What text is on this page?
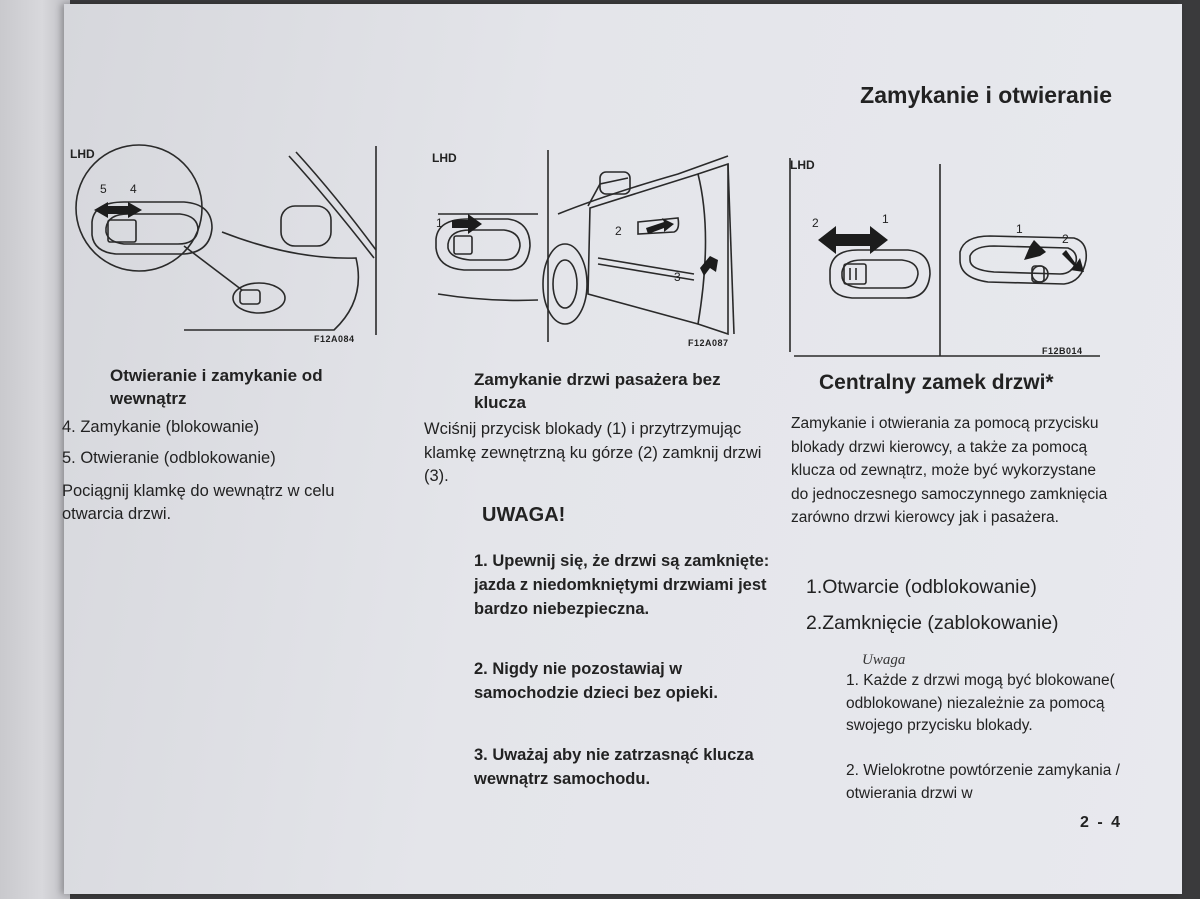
Zamykanie i otwieranie
LHD
5 4
F12A084
LHD
1
2
3
F12A087
LHD
2	1
1
2
F12B014
Otwieranie i zamykanie od wewnątrz

4. Zamykanie (blokowanie)

5. Otwieranie (odblokowanie)

Pociągnij klamkę do wewnątrz w celu otwarcia drzwi.
Zamykanie drzwi pasażera bez klucza
Wciśnij przycisk blokady (1) i przytrzymując klamkę zewnętrzną ku górze (2) zamknij drzwi (3).
UWAGA!
1. Upewnij się, że drzwi są zamknięte: jazda z niedomkniętymi drzwiami jest bardzo niebezpieczna.
2. Nigdy nie pozostawiaj w samochodzie dzieci bez opieki.
3. Uważaj aby nie zatrzasnąć klucza wewnątrz samochodu.
Centralny zamek drzwi*
Zamykanie i otwierania za pomocą przycisku blokady drzwi kierowcy, a także za pomocą klucza od zewnątrz, może być wykorzystane do jednoczesnego samoczynnego zamknięcia zarówno drzwi kierowcy jak i pasażera.
1.Otwarcie (odblokowanie)
2.Zamknięcie (zablokowanie)
Uwaga
1. Każde z drzwi mogą być blokowane( odblokowane) niezależnie za pomocą swojego przycisku blokady.
2. Wielokrotne powtórzenie zamykania / otwierania drzwi w
2 - 4
